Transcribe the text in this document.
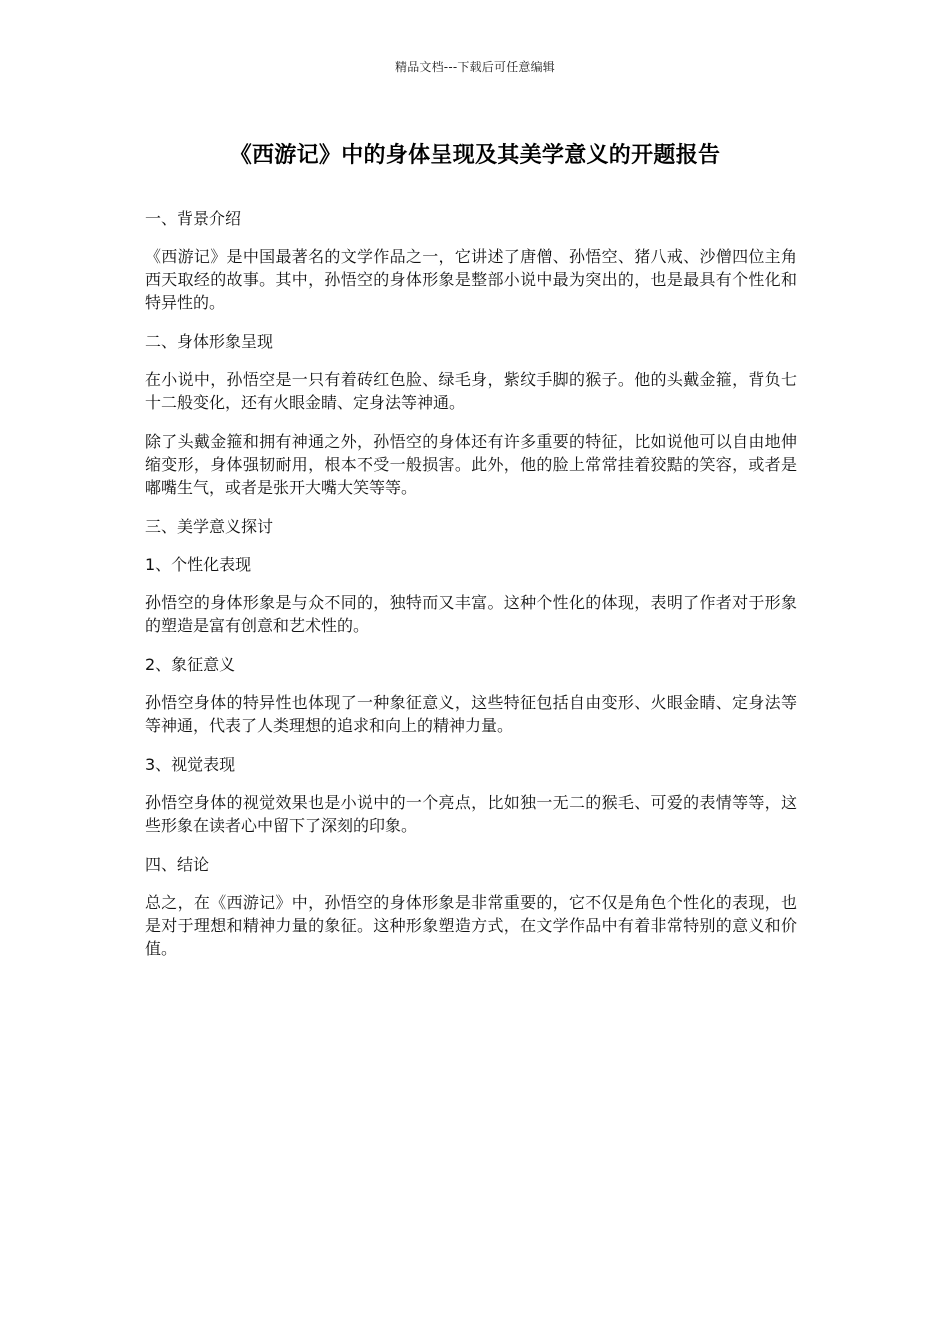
精品文档---下载后可任意编辑
《西游记》中的身体呈现及其美学意义的开题报告

一、背景介绍

《西游记》是中国最著名的文学作品之一，它讲述了唐僧、孙悟空、猪八戒、沙僧四位主角西天取经的故事。其中，孙悟空的身体形象是整部小说中最为突出的，也是最具有个性化和特异性的。

二、身体形象呈现

在小说中，孙悟空是一只有着砖红色脸、绿毛身，紫纹手脚的猴子。他的头戴金箍，背负七十二般变化，还有火眼金睛、定身法等神通。

除了头戴金箍和拥有神通之外，孙悟空的身体还有许多重要的特征，比如说他可以自由地伸缩变形，身体强韧耐用，根本不受一般损害。此外，他的脸上常常挂着狡黠的笑容，或者是嘟嘴生气，或者是张开大嘴大笑等等。

三、美学意义探讨

1、个性化表现

孙悟空的身体形象是与众不同的，独特而又丰富。这种个性化的体现，表明了作者对于形象的塑造是富有创意和艺术性的。

2、象征意义

孙悟空身体的特异性也体现了一种象征意义，这些特征包括自由变形、火眼金睛、定身法等等神通，代表了人类理想的追求和向上的精神力量。

3、视觉表现

孙悟空身体的视觉效果也是小说中的一个亮点，比如独一无二的猴毛、可爱的表情等等，这些形象在读者心中留下了深刻的印象。

四、结论

总之，在《西游记》中，孙悟空的身体形象是非常重要的，它不仅是角色个性化的表现，也是对于理想和精神力量的象征。这种形象塑造方式，在文学作品中有着非常特别的意义和价值。
